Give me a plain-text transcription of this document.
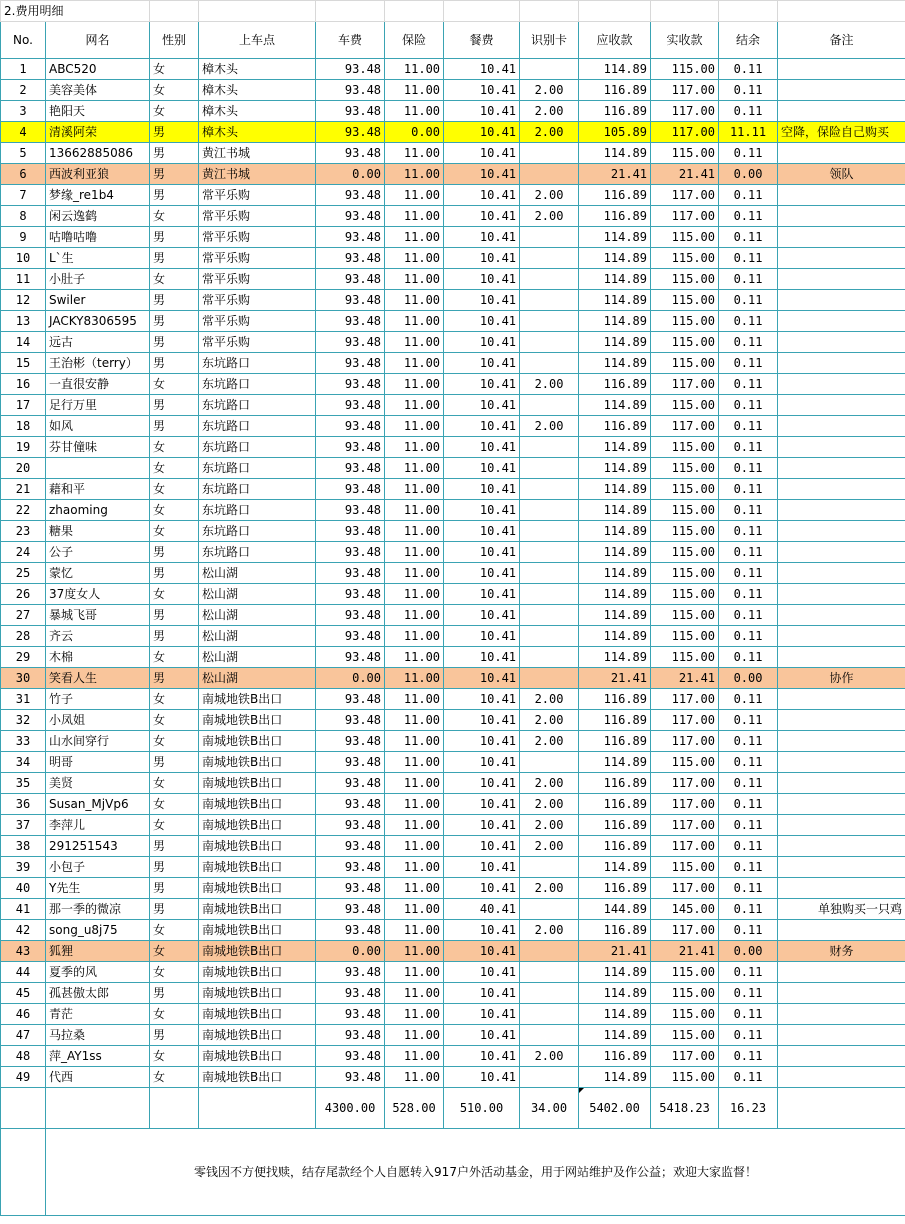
2.费用明细											
No.	网名	性别	上车点	车费	保险	餐费	识别卡	应收款	实收款	结余	备注
1	ABC520	女	樟木头	93.48	11.00	10.41		114.89	115.00	0.11	
2	美容美体	女	樟木头	93.48	11.00	10.41	2.00	116.89	117.00	0.11	
3	艳阳天	女	樟木头	93.48	11.00	10.41	2.00	116.89	117.00	0.11	
4	清溪阿荣	男	樟木头	93.48	0.00	10.41	2.00	105.89	117.00	11.11	空降，保险自己购买
5	13662885086	男	黄江书城	93.48	11.00	10.41		114.89	115.00	0.11	
6	西波利亚狼	男	黄江书城	0.00	11.00	10.41		21.41	21.41	0.00	领队
7	梦缘_re1b4	男	常平乐购	93.48	11.00	10.41	2.00	116.89	117.00	0.11	
8	闲云逸鹤	女	常平乐购	93.48	11.00	10.41	2.00	116.89	117.00	0.11	
9	咕噜咕噜	男	常平乐购	93.48	11.00	10.41		114.89	115.00	0.11	
10	L`生	男	常平乐购	93.48	11.00	10.41		114.89	115.00	0.11	
11	小肚子	女	常平乐购	93.48	11.00	10.41		114.89	115.00	0.11	
12	Swiler	男	常平乐购	93.48	11.00	10.41		114.89	115.00	0.11	
13	JACKY8306595	男	常平乐购	93.48	11.00	10.41		114.89	115.00	0.11	
14	远古	男	常平乐购	93.48	11.00	10.41		114.89	115.00	0.11	
15	王治彬（terry）	男	东坑路口	93.48	11.00	10.41		114.89	115.00	0.11	
16	一直很安静	女	东坑路口	93.48	11.00	10.41	2.00	116.89	117.00	0.11	
17	足行万里	男	东坑路口	93.48	11.00	10.41		114.89	115.00	0.11	
18	如风	男	东坑路口	93.48	11.00	10.41	2.00	116.89	117.00	0.11	
19	芬甘僮味	女	东坑路口	93.48	11.00	10.41		114.89	115.00	0.11	
20		女	东坑路口	93.48	11.00	10.41		114.89	115.00	0.11	
21	藉和平	女	东坑路口	93.48	11.00	10.41		114.89	115.00	0.11	
22	zhaoming	女	东坑路口	93.48	11.00	10.41		114.89	115.00	0.11	
23	糖果	女	东坑路口	93.48	11.00	10.41		114.89	115.00	0.11	
24	公子	男	东坑路口	93.48	11.00	10.41		114.89	115.00	0.11	
25	蒙忆	男	松山湖	93.48	11.00	10.41		114.89	115.00	0.11	
26	37度女人	女	松山湖	93.48	11.00	10.41		114.89	115.00	0.11	
27	暴城飞哥	男	松山湖	93.48	11.00	10.41		114.89	115.00	0.11	
28	齐云	男	松山湖	93.48	11.00	10.41		114.89	115.00	0.11	
29	木棉	女	松山湖	93.48	11.00	10.41		114.89	115.00	0.11	
30	笑看人生	男	松山湖	0.00	11.00	10.41		21.41	21.41	0.00	协作
31	竹子	女	南城地铁B出口	93.48	11.00	10.41	2.00	116.89	117.00	0.11	
32	小凤姐	女	南城地铁B出口	93.48	11.00	10.41	2.00	116.89	117.00	0.11	
33	山水间穿行	女	南城地铁B出口	93.48	11.00	10.41	2.00	116.89	117.00	0.11	
34	明哥	男	南城地铁B出口	93.48	11.00	10.41		114.89	115.00	0.11	
35	美贤	女	南城地铁B出口	93.48	11.00	10.41	2.00	116.89	117.00	0.11	
36	Susan_MjVp6	女	南城地铁B出口	93.48	11.00	10.41	2.00	116.89	117.00	0.11	
37	李萍儿	女	南城地铁B出口	93.48	11.00	10.41	2.00	116.89	117.00	0.11	
38	291251543	男	南城地铁B出口	93.48	11.00	10.41	2.00	116.89	117.00	0.11	
39	小包子	男	南城地铁B出口	93.48	11.00	10.41		114.89	115.00	0.11	
40	Y先生	男	南城地铁B出口	93.48	11.00	10.41	2.00	116.89	117.00	0.11	
41	那一季的微凉	男	南城地铁B出口	93.48	11.00	40.41		144.89	145.00	0.11	单独购买一只鸡
42	song_u8j75	女	南城地铁B出口	93.48	11.00	10.41	2.00	116.89	117.00	0.11	
43	狐狸	女	南城地铁B出口	0.00	11.00	10.41		21.41	21.41	0.00	财务
44	夏季的风	女	南城地铁B出口	93.48	11.00	10.41		114.89	115.00	0.11	
45	孤甚傲太郎	男	南城地铁B出口	93.48	11.00	10.41		114.89	115.00	0.11	
46	青茫	女	南城地铁B出口	93.48	11.00	10.41		114.89	115.00	0.11	
47	马拉桑	男	南城地铁B出口	93.48	11.00	10.41		114.89	115.00	0.11	
48	萍_AY1ss	女	南城地铁B出口	93.48	11.00	10.41	2.00	116.89	117.00	0.11	
49	代西	女	南城地铁B出口	93.48	11.00	10.41		114.89	115.00	0.11	
				4300.00	528.00	510.00	34.00	5402.00	5418.23	16.23	
	零钱因不方便找赎，结存尾款经个人自愿转入917户外活动基金，用于网站维护及作公益；欢迎大家监督！										
